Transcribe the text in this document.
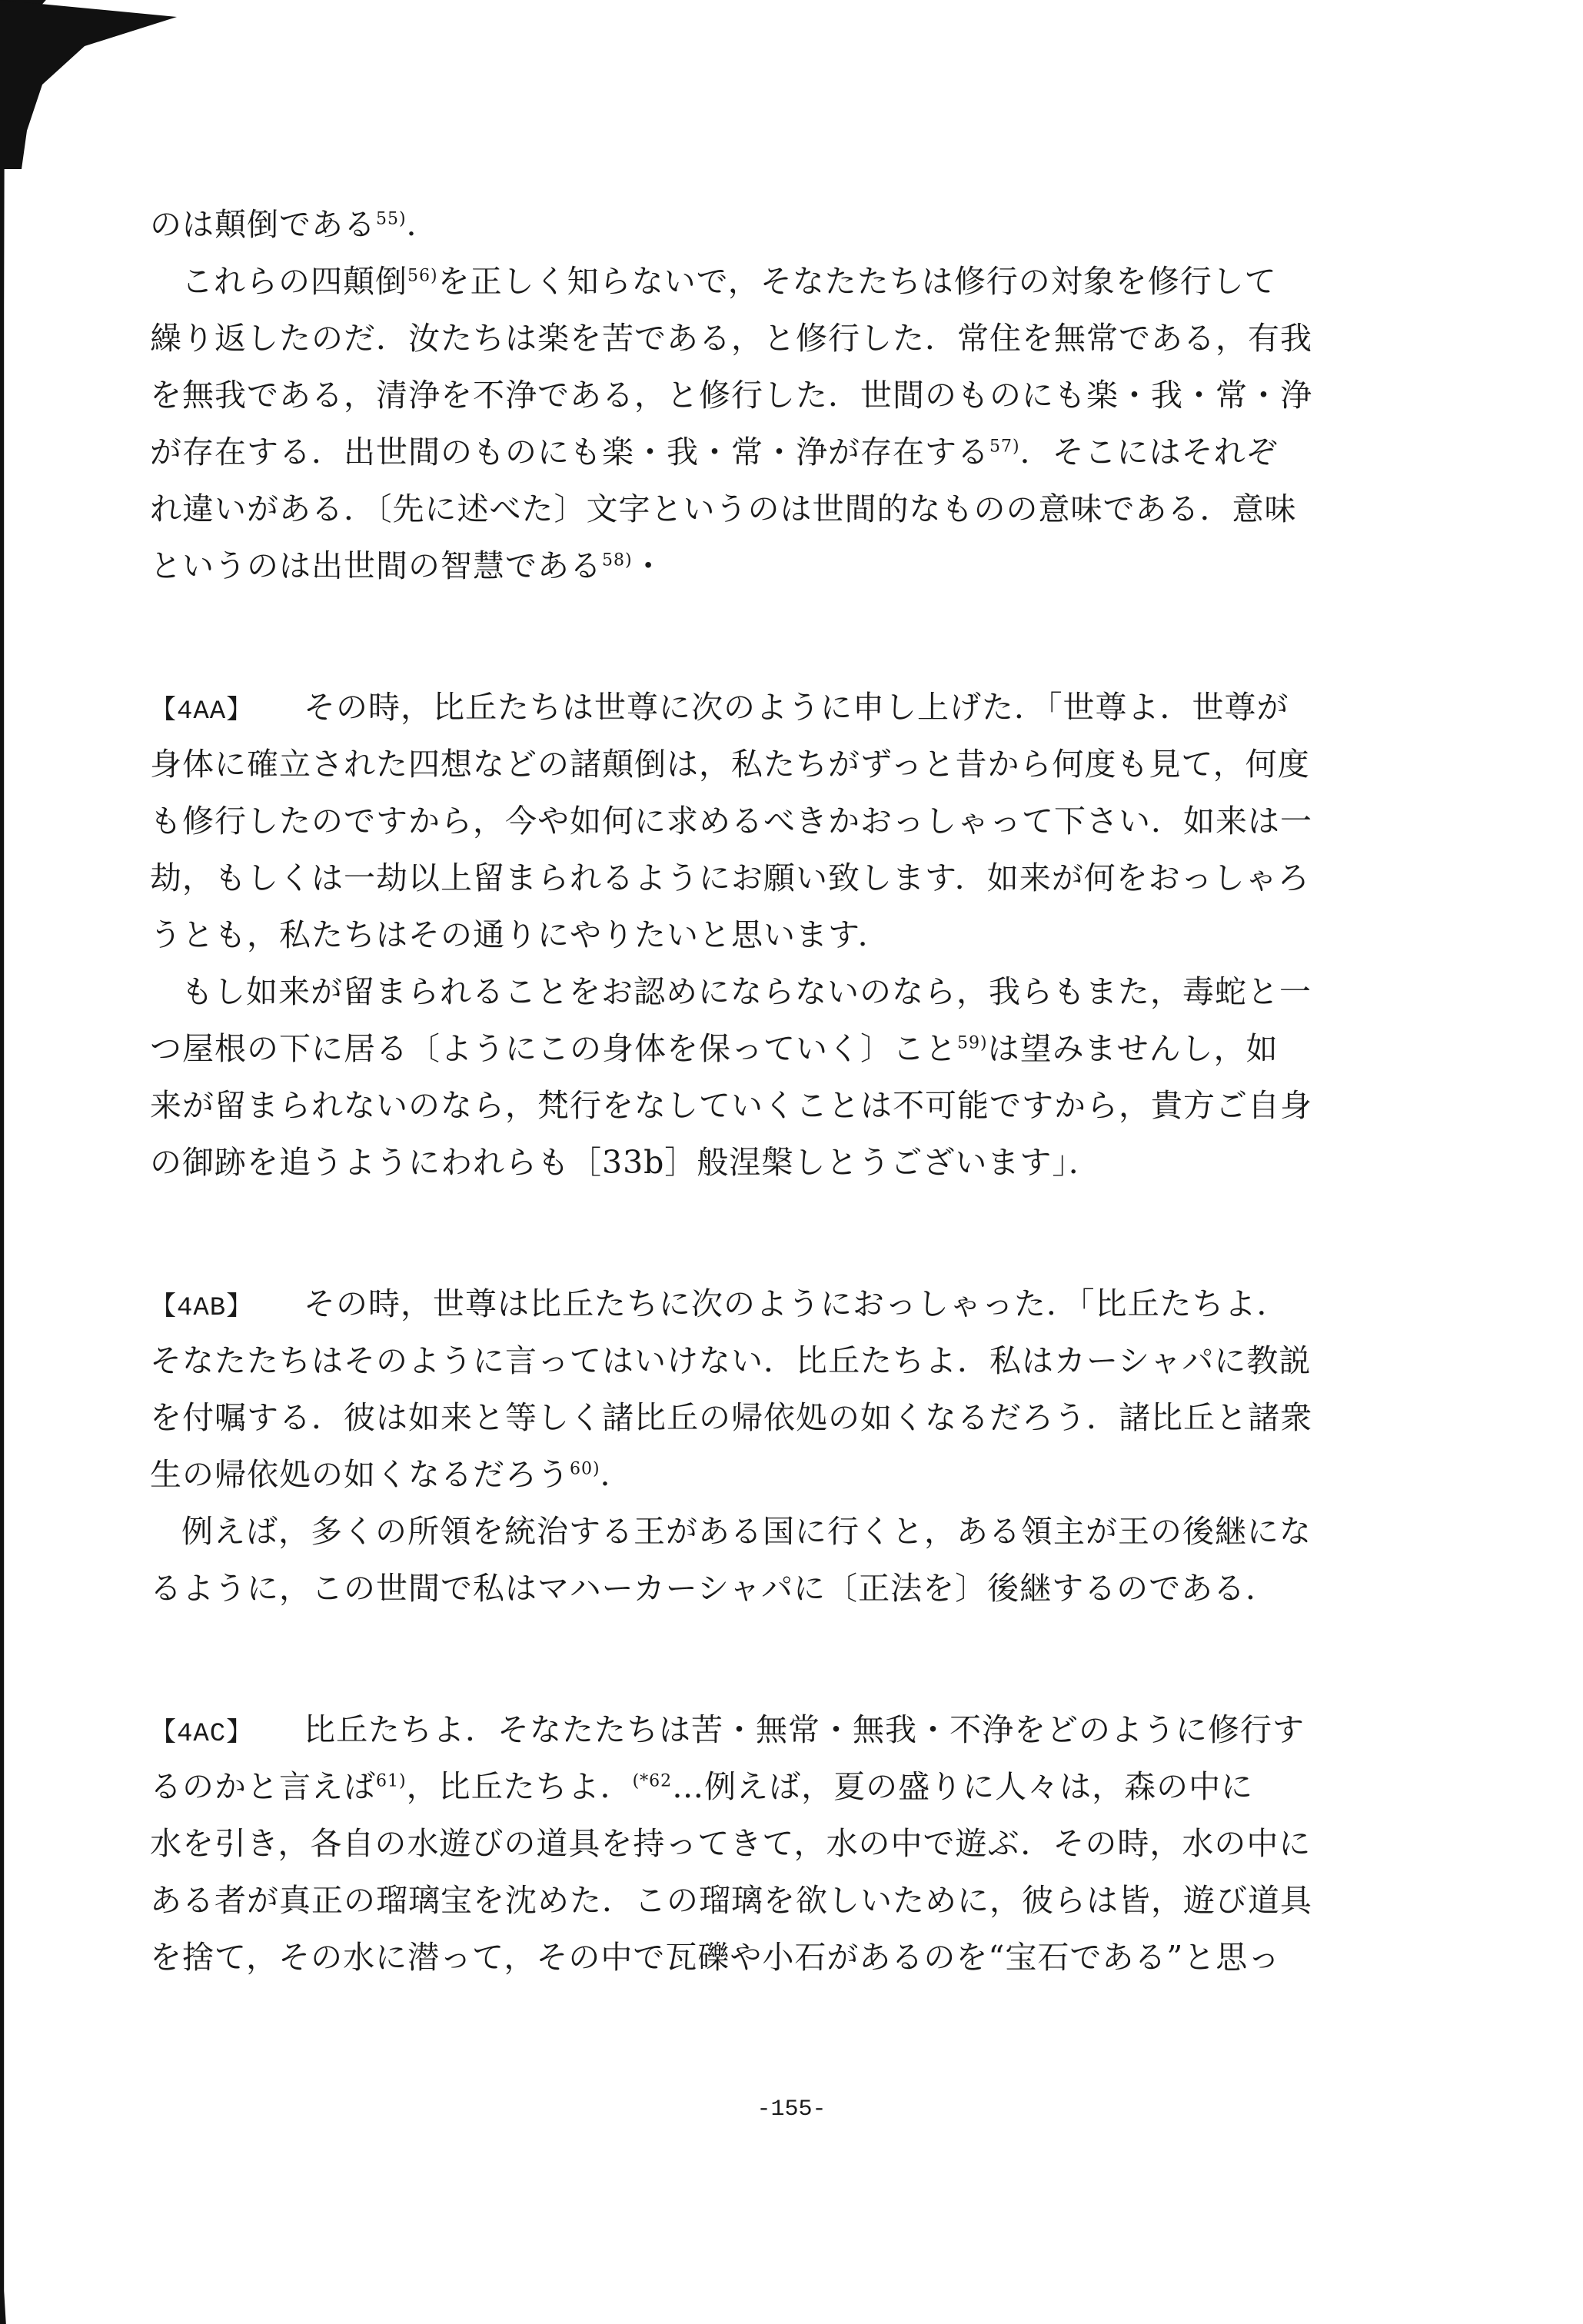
のは顛倒である$^{55)}$．
これらの四顛倒$^{56)}$を正しく知らないで，そなたたちは修行の対象を修行して
繰り返したのだ．汝たちは楽を苦である，と修行した．常住を無常である，有我
を無我である，清浄を不浄である，と修行した．世間のものにも楽・我・常・浄
が存在する．出世間のものにも楽・我・常・浄が存在する$^{57)}$．そこにはそれぞ
れ違いがある．〔先に述べた〕文字というのは世間的なものの意味である．意味
というのは出世間の智慧である$^{58)}$・
【4AA】 その時，比丘たちは世尊に次のように申し上げた．「世尊よ．世尊が
身体に確立された四想などの諸顛倒は，私たちがずっと昔から何度も見て，何度
も修行したのですから，今や如何に求めるべきかおっしゃって下さい．如来は一
劫，もしくは一劫以上留まられるようにお願い致します．如来が何をおっしゃろ
うとも，私たちはその通りにやりたいと思います．
もし如来が留まられることをお認めにならないのなら，我らもまた，毒蛇と一
つ屋根の下に居る〔ようにこの身体を保っていく〕こと$^{59)}$は望みませんし，如
来が留まられないのなら，梵行をなしていくことは不可能ですから，貴方ご自身
の御跡を追うようにわれらも［33b］般涅槃しとうございます」．
【4AB】 その時，世尊は比丘たちに次のようにおっしゃった．「比丘たちよ．
そなたたちはそのように言ってはいけない．比丘たちよ．私はカーシャパに教説
を付嘱する．彼は如来と等しく諸比丘の帰依処の如くなるだろう．諸比丘と諸衆
生の帰依処の如くなるだろう$^{60)}$．
例えば，多くの所領を統治する王がある国に行くと，ある領主が王の後継にな
るように，この世間で私はマハーカーシャパに〔正法を〕後継するのである．
【4AC】 比丘たちよ．そなたたちは苦・無常・無我・不浄をどのように修行す
るのかと言えば$^{61)}$，比丘たちよ．$^{(*62}$…例えば，夏の盛りに人々は，森の中に
水を引き，各自の水遊びの道具を持ってきて，水の中で遊ぶ．その時，水の中に
ある者が真正の瑠璃宝を沈めた．この瑠璃を欲しいために，彼らは皆，遊び道具
を捨て，その水に潜って，その中で瓦礫や小石があるのを“宝石である”と思っ
-155-
